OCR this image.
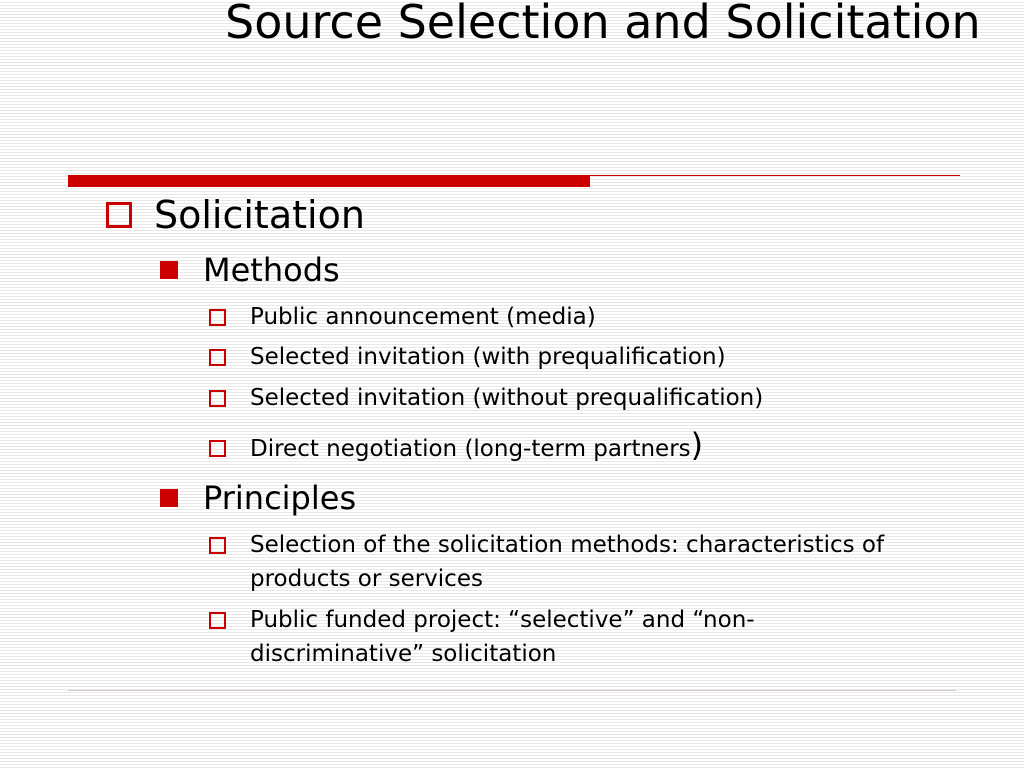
Source Selection and Solicitation
Solicitation
Methods
Public announcement (media)
Selected invitation (with prequalification)
Selected invitation (without prequalification)
Direct negotiation (long-term partners)
Principles
Selection of the solicitation methods: characteristics of products or services
Public funded project: “selective” and “non-discriminative” solicitation
